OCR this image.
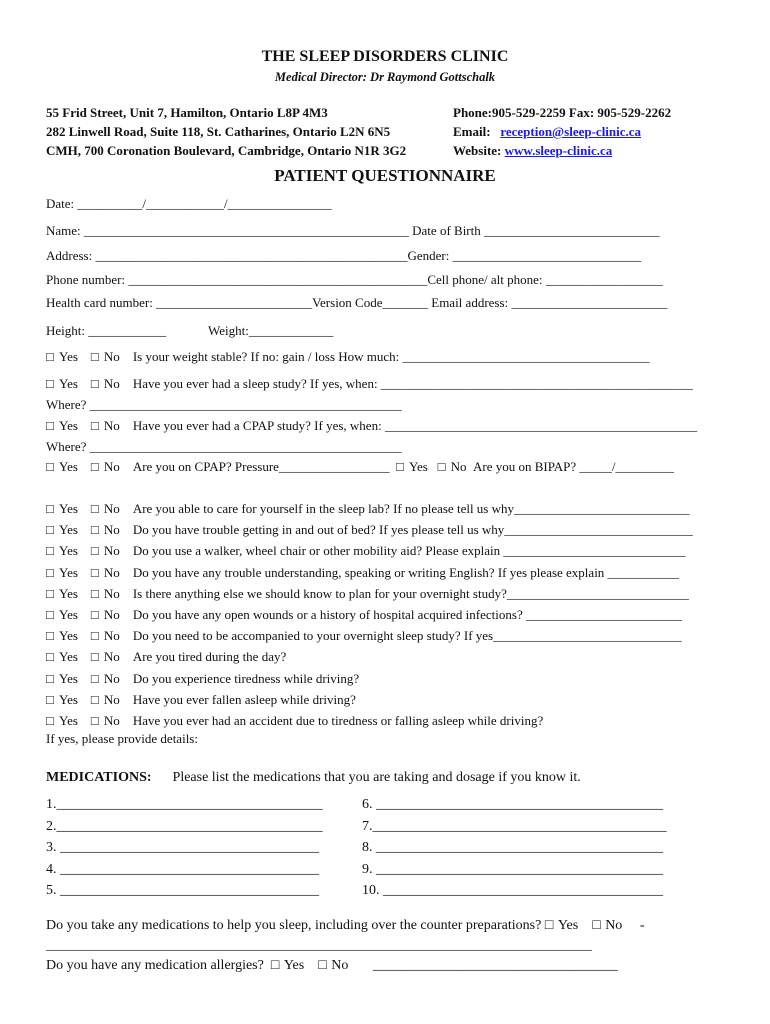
THE SLEEP DISORDERS CLINIC
Medical Director: Dr Raymond Gottschalk
55 Frid Street, Unit 7, Hamilton, Ontario L8P 4M3
282 Linwell Road, Suite 118, St. Catharines, Ontario L2N 6N5
CMH, 700 Coronation Boulevard, Cambridge, Ontario N1R 3G2
Phone:905-529-2259 Fax: 905-529-2262
Email: reception@sleep-clinic.ca
Website: www.sleep-clinic.ca
PATIENT QUESTIONNAIRE
Date: __________/____________/________________
Name: __________________________________________________ Date of Birth ___________________________
Address: ________________________________________________Gender: _____________________________
Phone number: ______________________________________________Cell phone/ alt phone: __________________
Health card number: ________________________Version Code_______ Email address: ________________________
Height: ____________	Weight:_____________
□ Yes □ No Is your weight stable? If no: gain / loss How much: ______________________________________
□ Yes □ No Have you ever had a sleep study? If yes, when: ________________________________________________
Where? ________________________________________________
□ Yes □ No Have you ever had a CPAP study? If yes, when: ________________________________________________
Where? ________________________________________________
□ Yes □ No Are you on CPAP? Pressure_________________ □ Yes □ No Are you on BIPAP? _____/_________
□ Yes □ No Are you able to care for yourself in the sleep lab? If no please tell us why___________________________
□ Yes □ No Do you have trouble getting in and out of bed? If yes please tell us why_____________________________
□ Yes □ No Do you use a walker, wheel chair or other mobility aid? Please explain ____________________________
□ Yes □ No Do you have any trouble understanding, speaking or writing English? If yes please explain ___________
□ Yes □ No Is there anything else we should know to plan for your overnight study?____________________________
□ Yes □ No Do you have any open wounds or a history of hospital acquired infections? ________________________
□ Yes □ No Do you need to be accompanied to your overnight sleep study? If yes_____________________________
□ Yes □ No Are you tired during the day?
□ Yes □ No Do you experience tiredness while driving?
□ Yes □ No Have you ever fallen asleep while driving?
□ Yes □ No Have you ever had an accident due to tiredness or falling asleep while driving?
If yes, please provide details:
MEDICATIONS: Please list the medications that you are taking and dosage if you know it.
1.______________________________________
2.______________________________________
3. _____________________________________
4. _____________________________________
5. _____________________________________
6. _________________________________________
7.__________________________________________
8. _________________________________________
9. _________________________________________
10. ________________________________________
Do you take any medications to help you sleep, including over the counter preparations? □ Yes □ No -
____________________________________________________________________________________
Do you have any medication allergies? □ Yes □ No ___________________________________
